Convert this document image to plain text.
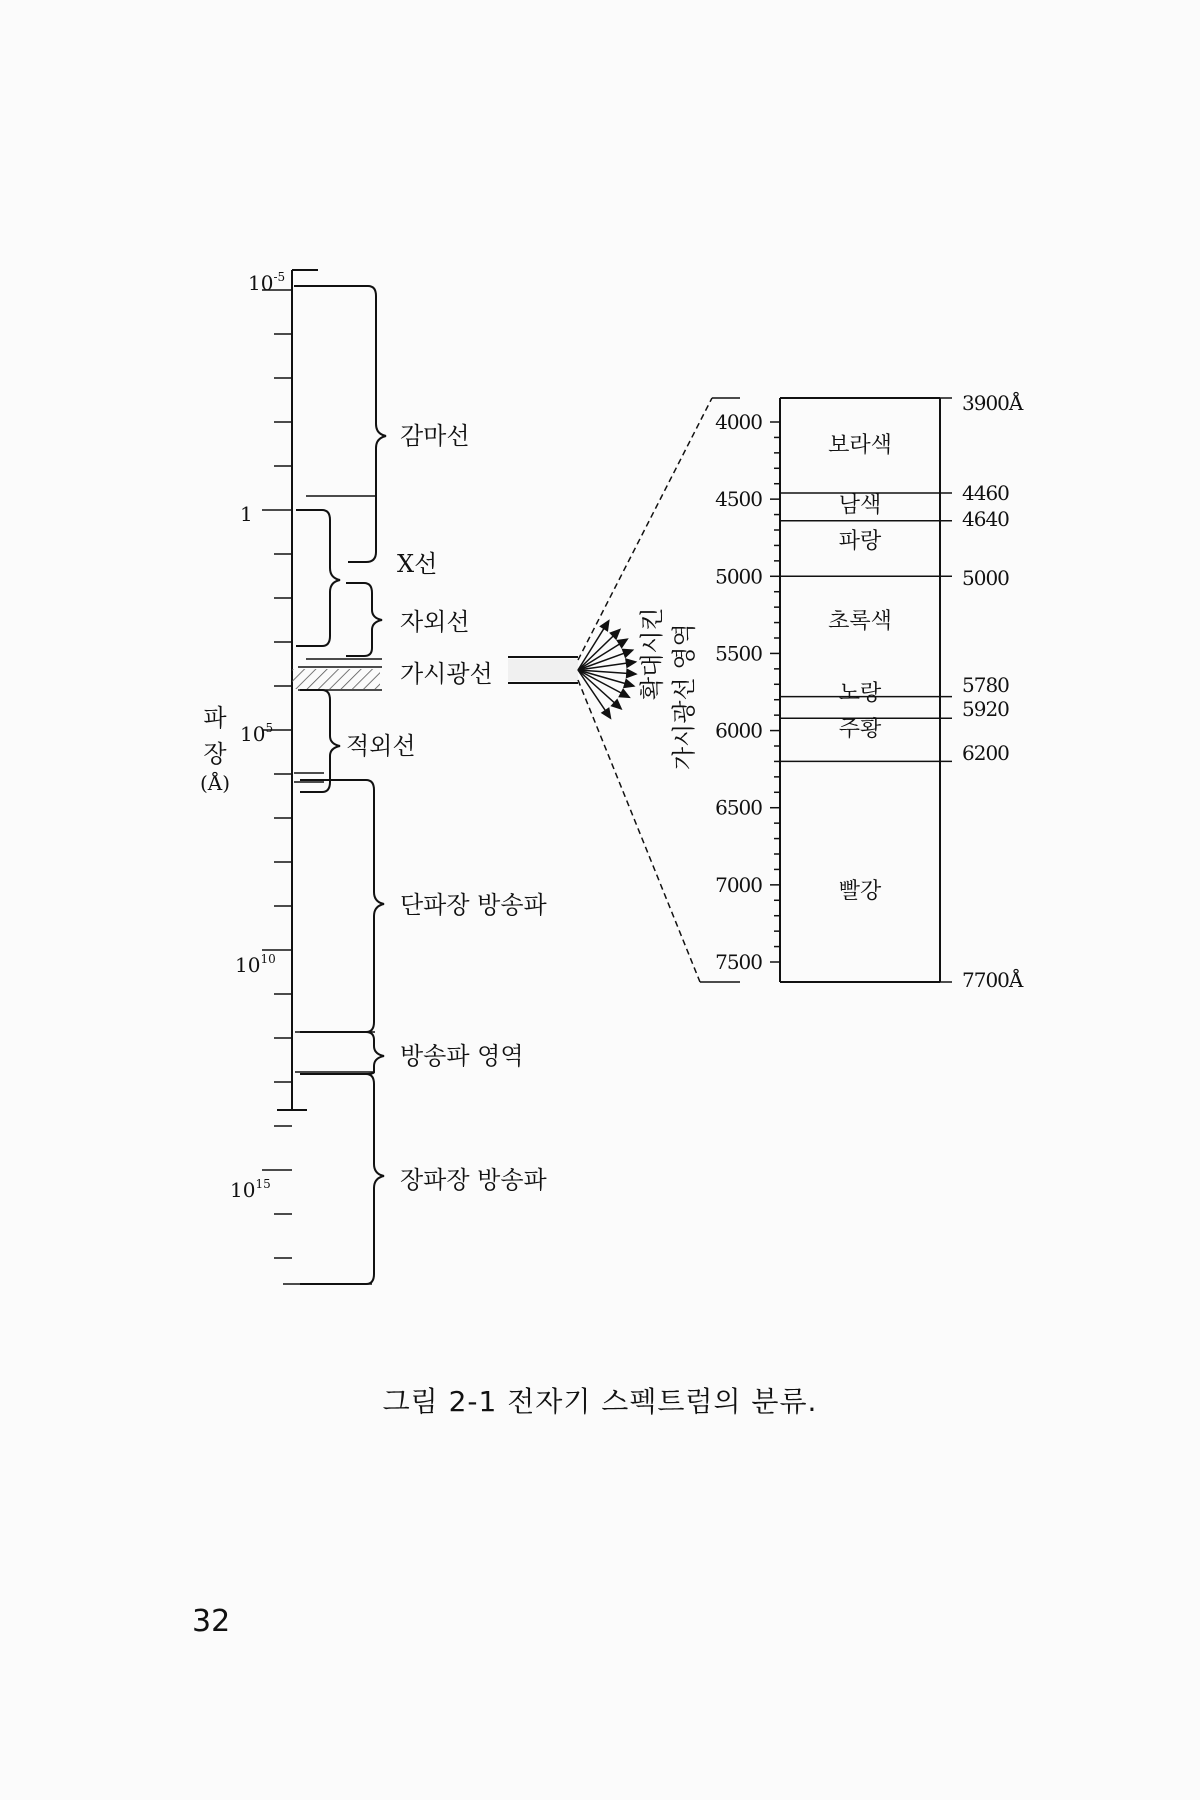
$10^{-5}$
1
$10^5$
$10^{10}$
$10^{15}$
파
장
(Å)
감마선
X선
자외선
가시광선
적외선
단파장 방송파
방송파 영역
장파장 방송파
확대시킨 가시광선 영역
4000
4500
5000
5500
6000
6500
7000
7500
3900Å
4460
4640
5000
5780
5920
6200
7700Å
보라색
남색
파랑
초록색
노랑
주황
빨강
그림 2-1 전자기 스펙트럼의 분류.
32
